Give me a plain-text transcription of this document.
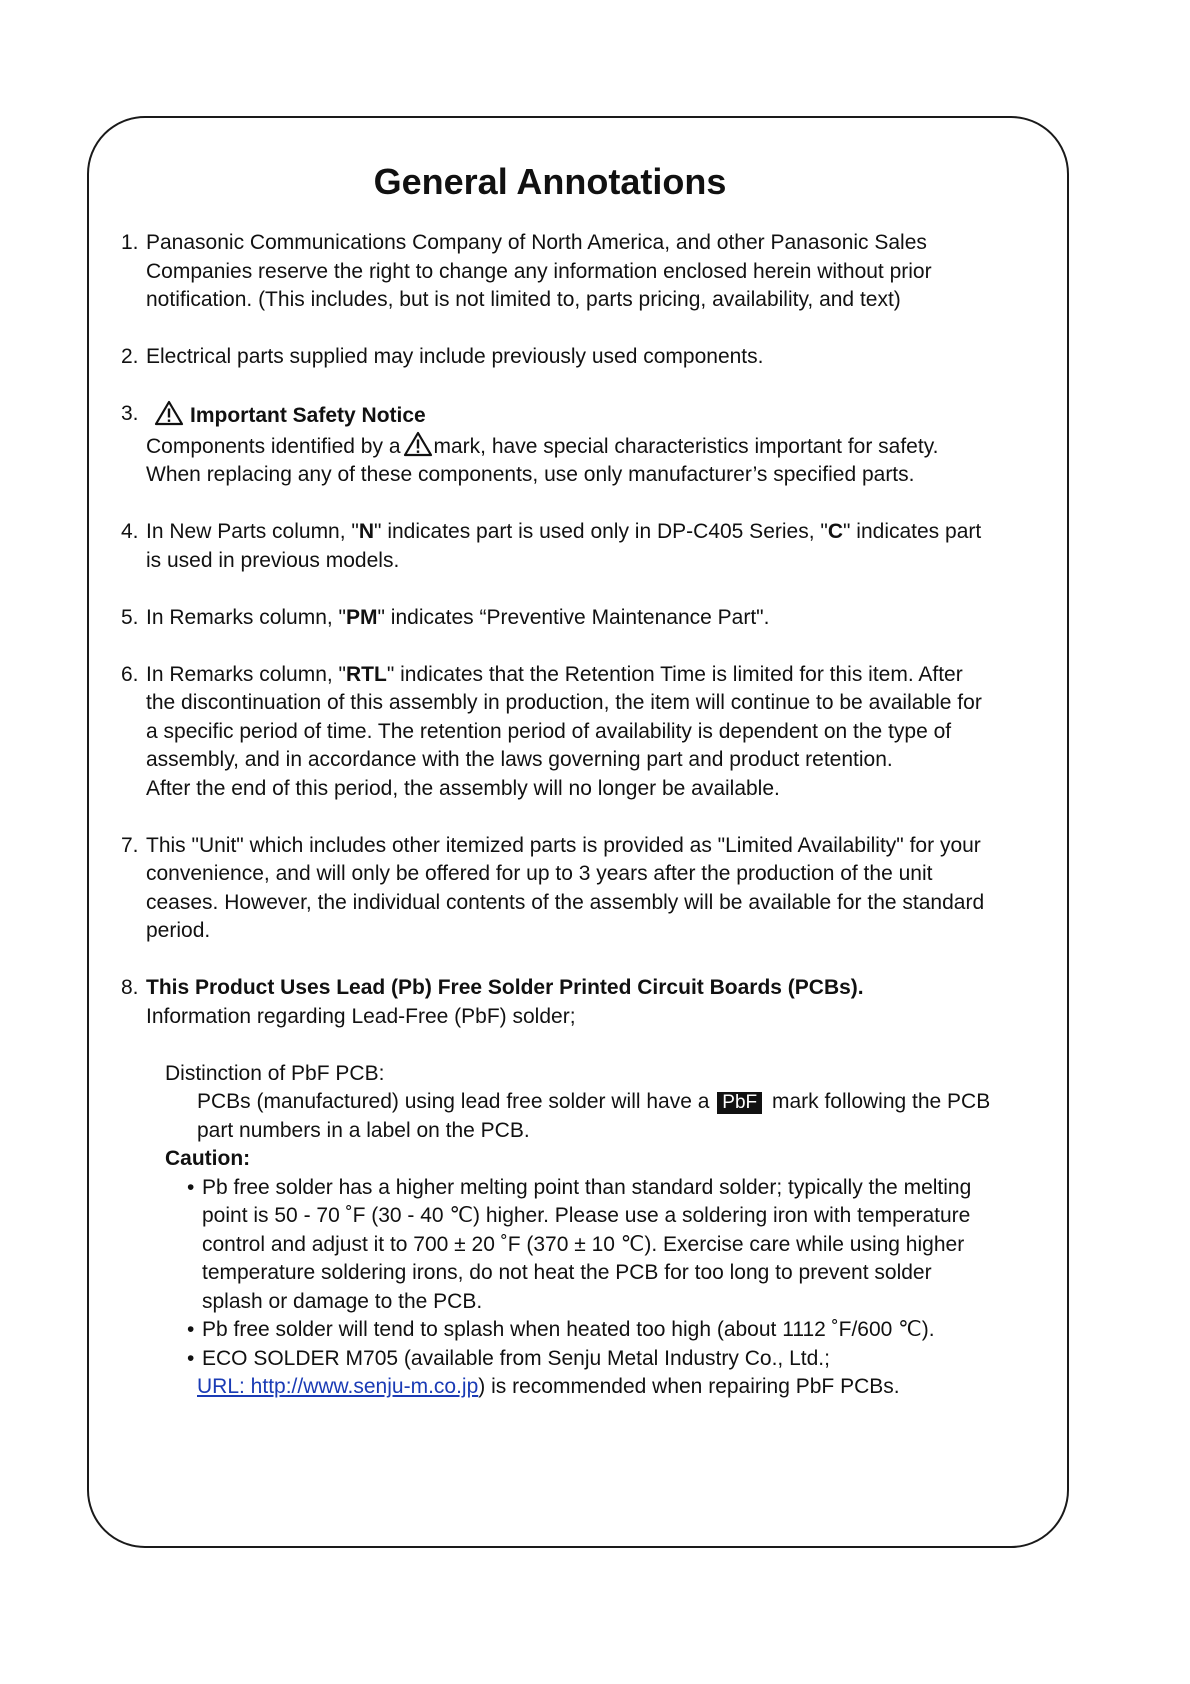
General Annotations
1. Panasonic Communications Company of North America, and other Panasonic Sales
Companies reserve the right to change any information enclosed herein without prior
notification. (This includes, but is not limited to, parts pricing, availability, and text)
2. Electrical parts supplied may include previously used components.
3.	Important Safety Notice
Components identified by a mark, have special characteristics important for safety.
When replacing any of these components, use only manufacturer’s specified parts.
4. In New Parts column, "N" indicates part is used only in DP-C405 Series, "C" indicates part
is used in previous models.
5. In Remarks column, "PM" indicates “Preventive Maintenance Part".
6. In Remarks column, "RTL" indicates that the Retention Time is limited for this item. After
the discontinuation of this assembly in production, the item will continue to be available for
a specific period of time. The retention period of availability is dependent on the type of
assembly, and in accordance with the laws governing part and product retention.
After the end of this period, the assembly will no longer be available.
7. This "Unit" which includes other itemized parts is provided as "Limited Availability" for your
convenience, and will only be offered for up to 3 years after the production of the unit
ceases. However, the individual contents of the assembly will be available for the standard
period.
8. This Product Uses Lead (Pb) Free Solder Printed Circuit Boards (PCBs).
Information regarding Lead-Free (PbF) solder;
Distinction of PbF PCB:
PCBs (manufactured) using lead free solder will have a PbF mark following the PCB
part numbers in a label on the PCB.
Caution:
• Pb free solder has a higher melting point than standard solder; typically the melting
point is 50 - 70 ˚F (30 - 40 ℃) higher. Please use a soldering iron with temperature
control and adjust it to 700 ± 20 ˚F (370 ± 10 ℃). Exercise care while using higher
temperature soldering irons, do not heat the PCB for too long to prevent solder
splash or damage to the PCB.
• Pb free solder will tend to splash when heated too high (about 1112 ˚F/600 ℃).
• ECO SOLDER M705 (available from Senju Metal Industry Co., Ltd.;
URL: http://www.senju-m.co.jp) is recommended when repairing PbF PCBs.
